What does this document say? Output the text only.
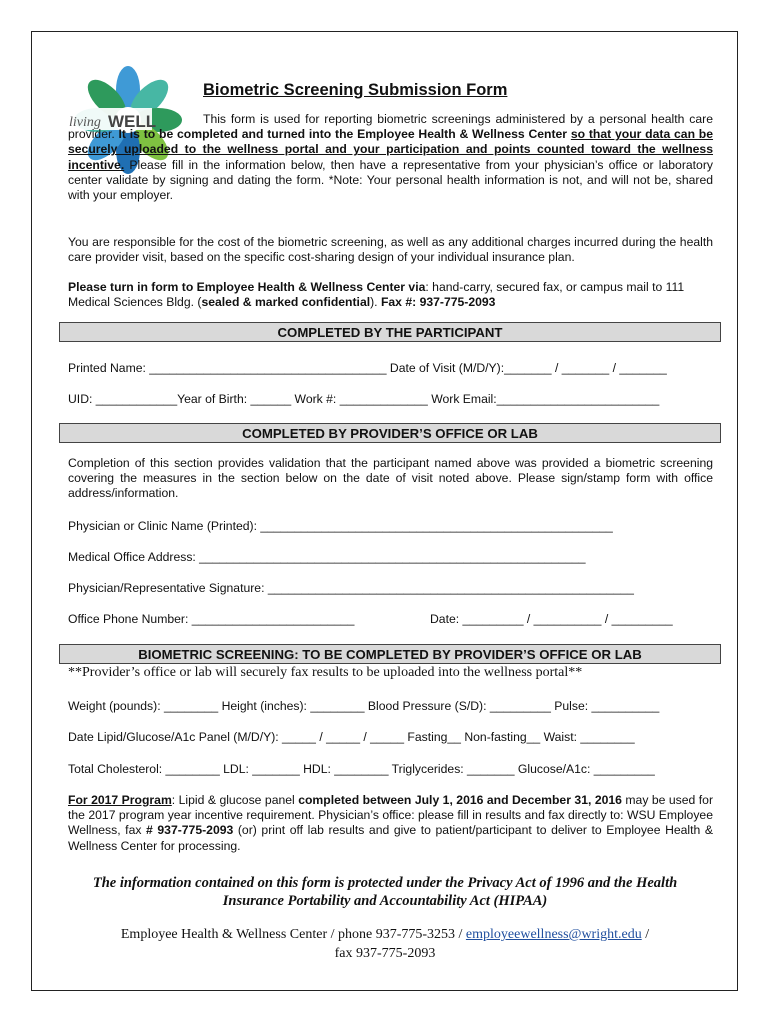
living WELL
Biometric Screening Submission Form
This form is used for reporting biometric screenings administered by a personal health care provider. It is to be completed and turned into the Employee Health & Wellness Center so that your data can be securely uploaded to the wellness portal and your participation and points counted toward the wellness incentive. Please fill in the information below, then have a representative from your physician’s office or laboratory center validate by signing and dating the form. *Note: Your personal health information is not, and will not be, shared with your employer.
You are responsible for the cost of the biometric screening, as well as any additional charges incurred during the health care provider visit, based on the specific cost-sharing design of your individual insurance plan.
Please turn in form to Employee Health & Wellness Center via: hand-carry, secured fax, or campus mail to 111 Medical Sciences Bldg. (sealed & marked confidential). Fax #: 937-775-2093
COMPLETED BY THE PARTICIPANT
Printed Name: ___________________________________ Date of Visit (M/D/Y):_______ / _______ / _______
UID: ____________Year of Birth: ______ Work #: _____________ Work Email:________________________
COMPLETED BY PROVIDER’S OFFICE OR LAB
Completion of this section provides validation that the participant named above was provided a biometric screening covering the measures in the section below on the date of visit noted above. Please sign/stamp form with office address/information.
Physician or Clinic Name (Printed): ____________________________________________________
Medical Office Address: _________________________________________________________
Physician/Representative Signature: ______________________________________________________
Office Phone Number: ________________________	Date: _________ / __________ / _________
BIOMETRIC SCREENING: TO BE COMPLETED BY PROVIDER’S OFFICE OR LAB
**Provider’s office or lab will securely fax results to be uploaded into the wellness portal**
Weight (pounds): ________ Height (inches): ________ Blood Pressure (S/D): _________ Pulse: __________
Date Lipid/Glucose/A1c Panel (M/D/Y): _____ / _____ / _____ Fasting__ Non-fasting__ Waist: ________
Total Cholesterol: ________ LDL: _______ HDL: ________ Triglycerides: _______ Glucose/A1c: _________
For 2017 Program: Lipid & glucose panel completed between July 1, 2016 and December 31, 2016 may be used for the 2017 program year incentive requirement. Physician’s office: please fill in results and fax directly to: WSU Employee Wellness, fax # 937-775-2093 (or) print off lab results and give to patient/participant to deliver to Employee Health & Wellness Center for processing.
The information contained on this form is protected under the Privacy Act of 1996 and the Health Insurance Portability and Accountability Act (HIPAA)
Employee Health & Wellness Center / phone 937-775-3253 / employeewellness@wright.edu /
fax 937-775-2093
